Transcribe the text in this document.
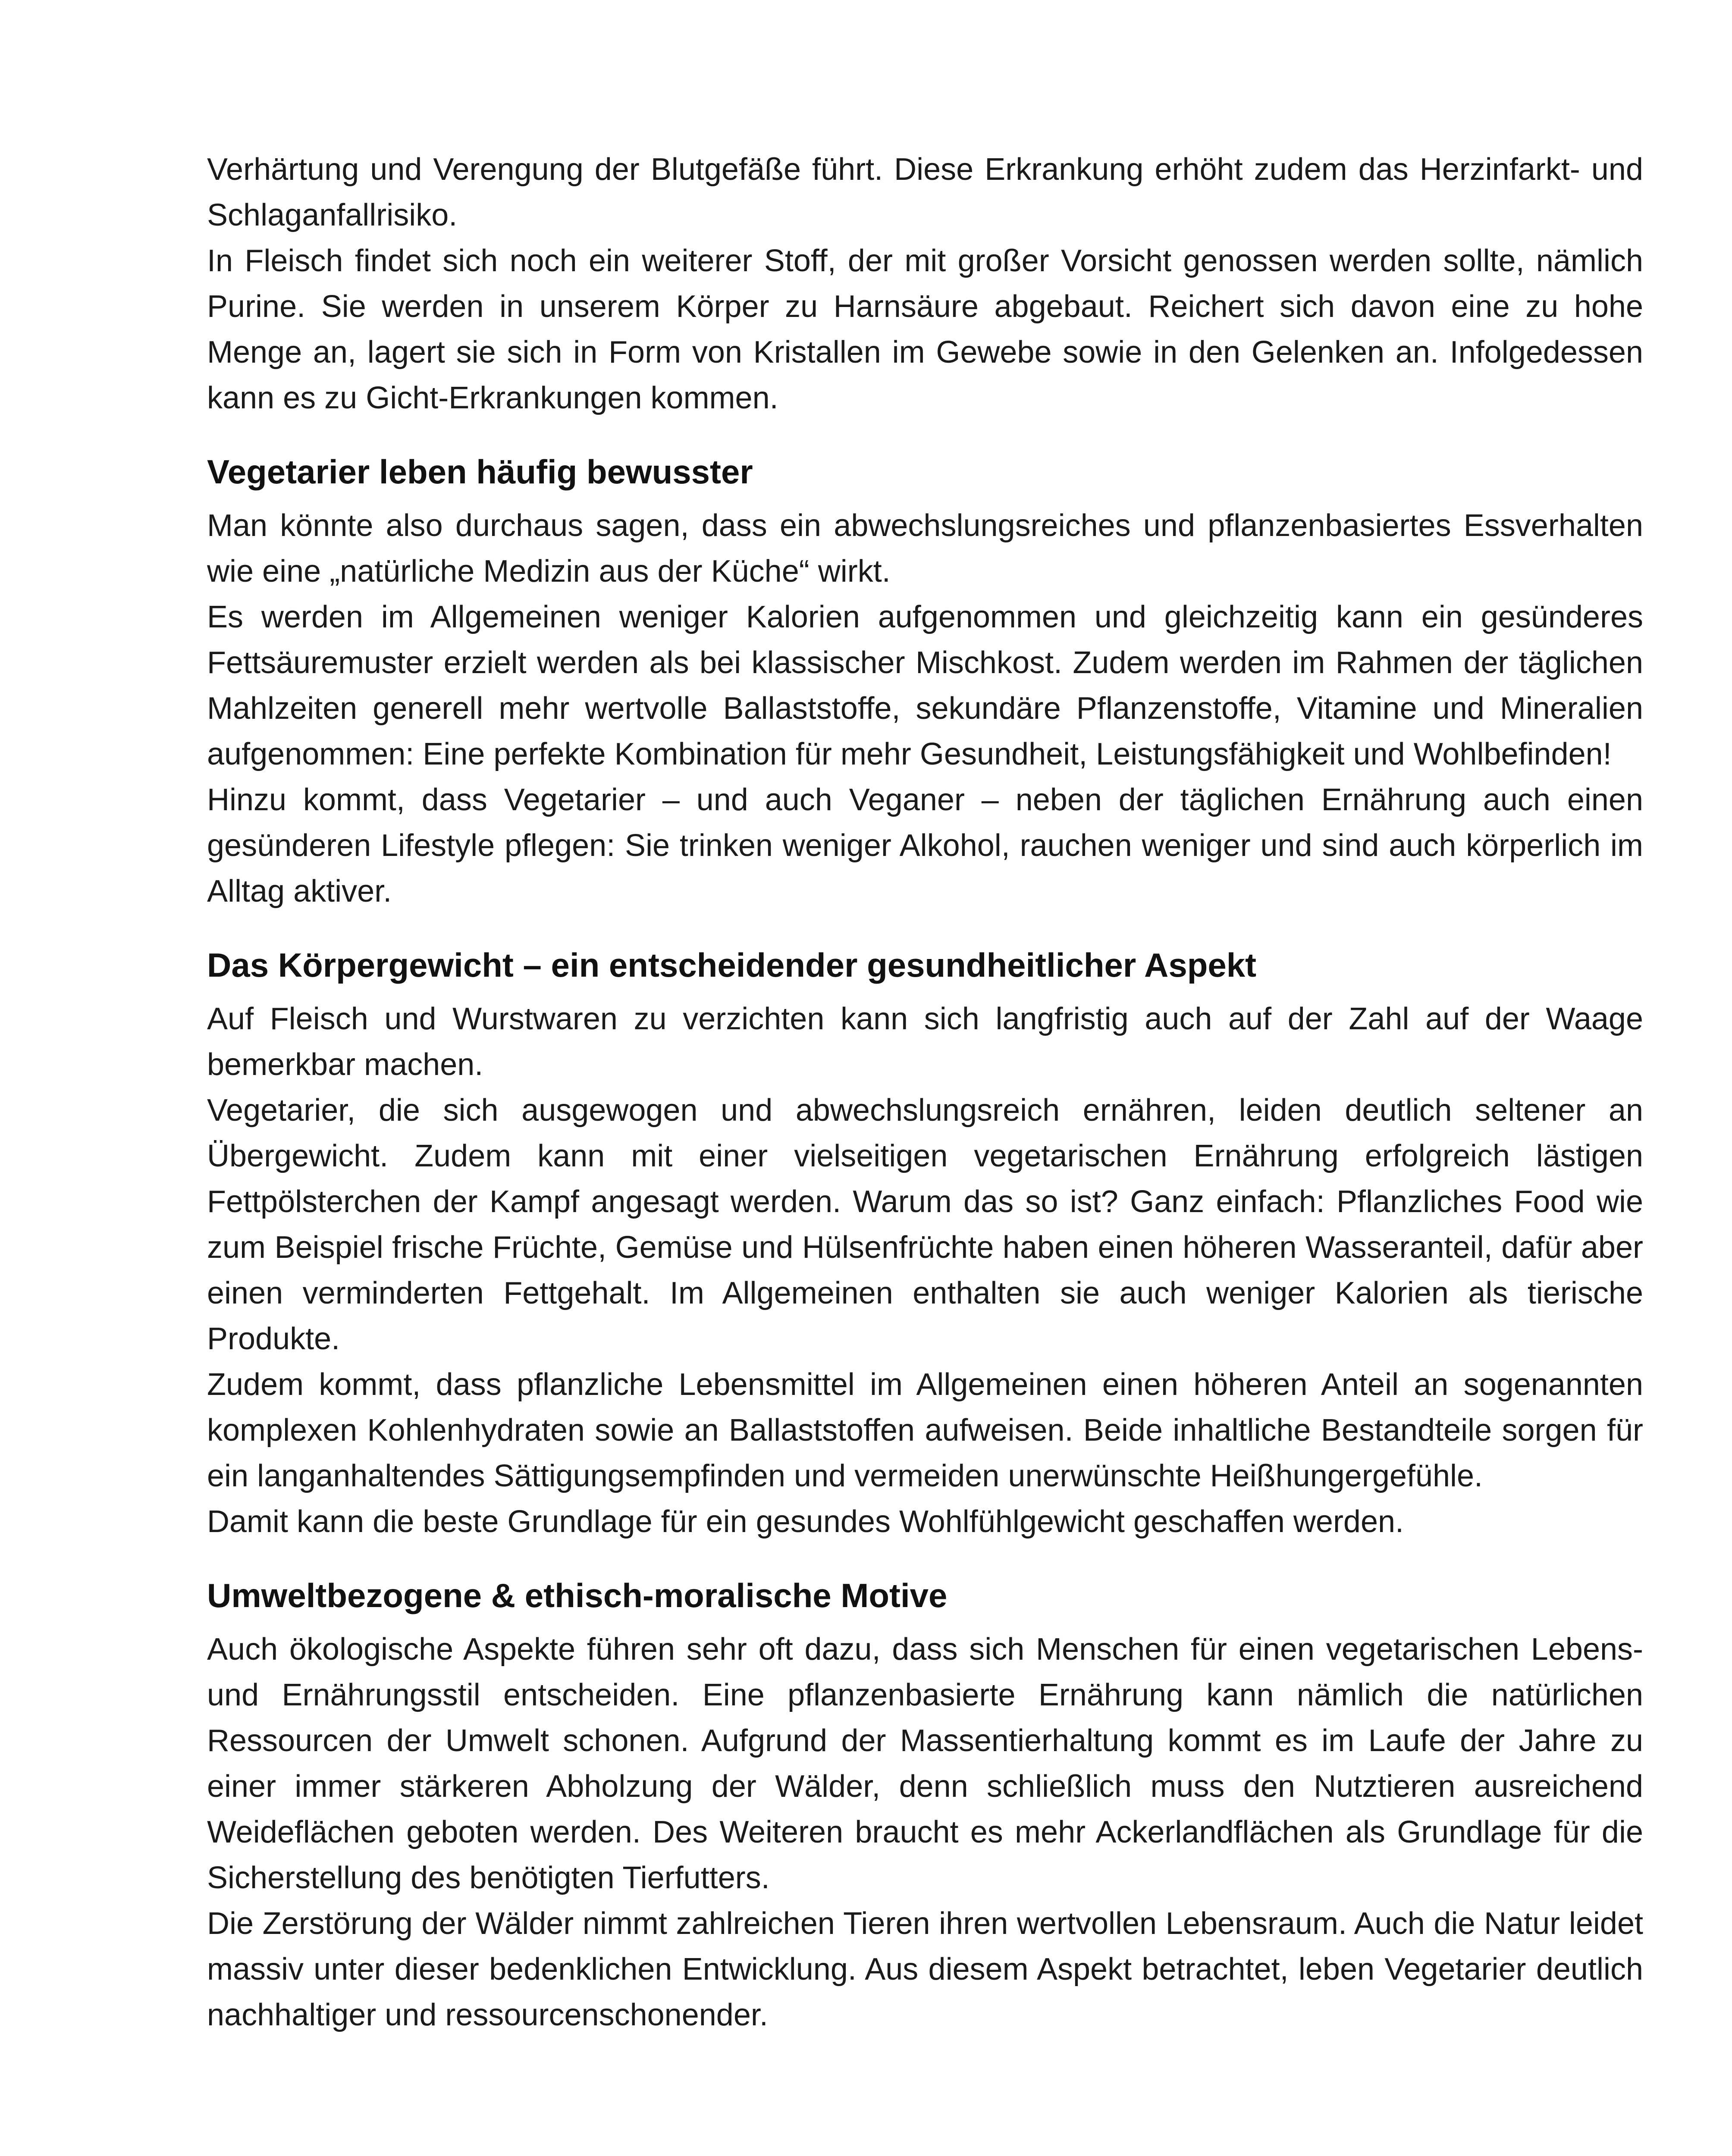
Verhärtung und Verengung der Blutgefäße führt. Diese Erkrankung erhöht zudem das Herzinfarkt- und Schlaganfallrisiko.

In Fleisch findet sich noch ein weiterer Stoff, der mit großer Vorsicht genossen werden sollte, nämlich Purine. Sie werden in unserem Körper zu Harnsäure abgebaut. Reichert sich davon eine zu hohe Menge an, lagert sie sich in Form von Kristallen im Gewebe sowie in den Gelenken an. Infolgedessen kann es zu Gicht-Erkrankungen kommen.

Vegetarier leben häufig bewusster

Man könnte also durchaus sagen, dass ein abwechslungsreiches und pflanzenbasiertes Essverhalten wie eine „natürliche Medizin aus der Küche“ wirkt.

Es werden im Allgemeinen weniger Kalorien aufgenommen und gleichzeitig kann ein gesünderes Fettsäuremuster erzielt werden als bei klassischer Mischkost. Zudem werden im Rahmen der täglichen Mahlzeiten generell mehr wertvolle Ballaststoffe, sekundäre Pflanzenstoffe, Vitamine und Mineralien aufgenommen: Eine perfekte Kombination für mehr Gesundheit, Leistungsfähigkeit und Wohlbefinden!

Hinzu kommt, dass Vegetarier – und auch Veganer – neben der täglichen Ernährung auch einen gesünderen Lifestyle pflegen: Sie trinken weniger Alkohol, rauchen weniger und sind auch körperlich im Alltag aktiver.

Das Körpergewicht – ein entscheidender gesundheitlicher Aspekt

Auf Fleisch und Wurstwaren zu verzichten kann sich langfristig auch auf der Zahl auf der Waage bemerkbar machen.

Vegetarier, die sich ausgewogen und abwechslungsreich ernähren, leiden deutlich seltener an Übergewicht. Zudem kann mit einer vielseitigen vegetarischen Ernährung erfolgreich lästigen Fettpölsterchen der Kampf angesagt werden. Warum das so ist? Ganz einfach: Pflanzliches Food wie zum Beispiel frische Früchte, Gemüse und Hülsenfrüchte haben einen höheren Wasseranteil, dafür aber einen verminderten Fettgehalt. Im Allgemeinen enthalten sie auch weniger Kalorien als tierische Produkte.

Zudem kommt, dass pflanzliche Lebensmittel im Allgemeinen einen höheren Anteil an sogenannten komplexen Kohlenhydraten sowie an Ballaststoffen aufweisen. Beide inhaltliche Bestandteile sorgen für ein langanhaltendes Sättigungsempfinden und vermeiden unerwünschte Heißhungergefühle.

Damit kann die beste Grundlage für ein gesundes Wohlfühlgewicht geschaffen werden.

Umweltbezogene & ethisch-moralische Motive

Auch ökologische Aspekte führen sehr oft dazu, dass sich Menschen für einen vegetarischen Lebens- und Ernährungsstil entscheiden. Eine pflanzenbasierte Ernährung kann nämlich die natürlichen Ressourcen der Umwelt schonen. Aufgrund der Massentierhaltung kommt es im Laufe der Jahre zu einer immer stärkeren Abholzung der Wälder, denn schließlich muss den Nutztieren ausreichend Weideflächen geboten werden. Des Weiteren braucht es mehr Ackerlandflächen als Grundlage für die Sicherstellung des benötigten Tierfutters.

Die Zerstörung der Wälder nimmt zahlreichen Tieren ihren wertvollen Lebensraum. Auch die Natur leidet massiv unter dieser bedenklichen Entwicklung. Aus diesem Aspekt betrachtet, leben Vegetarier deutlich nachhaltiger und ressourcenschonender.
